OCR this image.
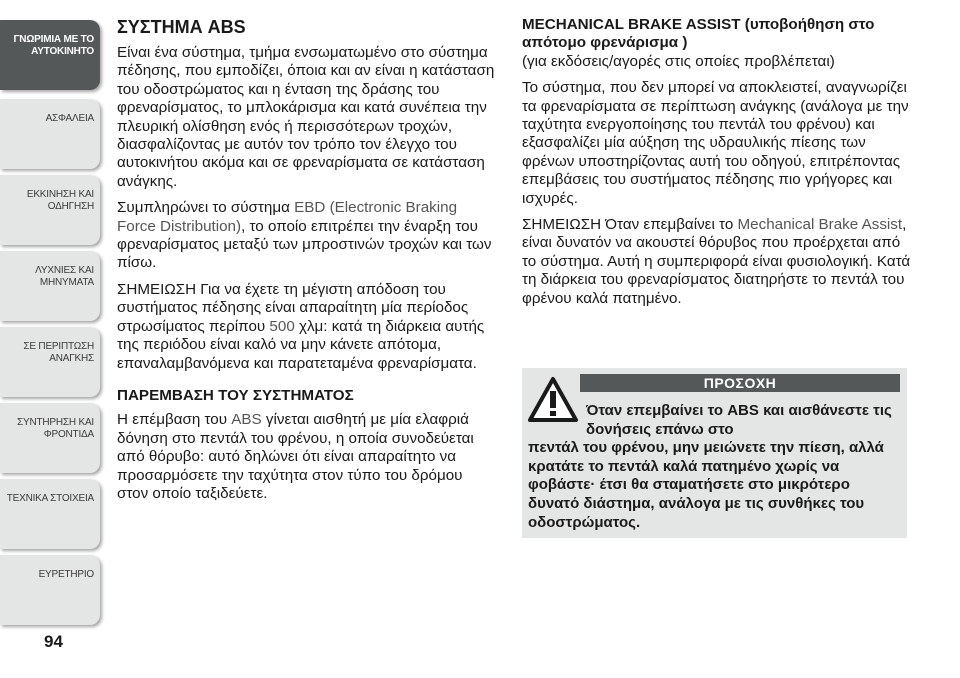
ΓΝΩΡΙΜΙΑ ΜΕ ΤΟ ΑΥΤΟΚΙΝΗΤΟ
ΑΣΦΑΛΕΙΑ
ΕΚΚΙΝΗΣΗ ΚΑΙ ΟΔΗΓΗΣΗ
ΛΥΧΝΙΕΣ ΚΑΙ ΜΗΝΥΜΑΤΑ
ΣΕ ΠΕΡΙΠΤΩΣΗ ΑΝΑΓΚΗΣ
ΣΥΝΤΗΡΗΣΗ ΚΑΙ ΦΡΟΝΤΙΔΑ
ΤΕΧΝΙΚΑ ΣΤΟΙΧΕΙΑ
ΕΥΡΕΤΗΡΙΟ
94
ΣΥΣΤΗΜΑ ABS

Είναι ένα σύστημα, τμήμα ενσωματωμένο στο σύστημα πέδησης, που εμποδίζει, όποια και αν είναι η κατάσταση του οδοστρώματος και η ένταση της δράσης του φρεναρίσματος, το μπλοκάρισμα και κατά συνέπεια την πλευρική ολίσθηση ενός ή περισσότερων τροχών, διασφαλίζοντας με αυτόν τον τρόπο τον έλεγχο του αυτοκινήτου ακόμα και σε φρεναρίσματα σε κατάσταση ανάγκης.

Συμπληρώνει το σύστημα EBD (Electronic Braking Force Distribution), το οποίο επιτρέπει την έναρξη του φρεναρίσματος μεταξύ των μπροστινών τροχών και των πίσω.

ΣΗΜΕΙΩΣΗ Για να έχετε τη μέγιστη απόδοση του συστήματος πέδησης είναι απαραίτητη μία περίοδος στρωσίματος περίπου 500 χλμ: κατά τη διάρκεια αυτής της περιόδου είναι καλό να μην κάνετε απότομα, επαναλαμβανόμενα και παρατεταμένα φρεναρίσματα.

ΠΑΡΕΜΒΑΣΗ ΤΟΥ ΣΥΣΤΗΜΑΤΟΣ

Η επέμβαση του ABS γίνεται αισθητή με μία ελαφριά δόνηση στο πεντάλ του φρένου, η οποία συνοδεύεται από θόρυβο: αυτό δηλώνει ότι είναι απαραίτητο να προσαρμόσετε την ταχύτητα στον τύπο του δρόμου στον οποίο ταξιδεύετε.

MECHANICAL BRAKE ASSIST (υποβοήθηση στο απότομο φρενάρισμα )
(για εκδόσεις/αγορές στις οποίες προβλέπεται)

Το σύστημα, που δεν μπορεί να αποκλειστεί, αναγνωρίζει τα φρεναρίσματα σε περίπτωση ανάγκης (ανάλογα με την ταχύτητα ενεργοποίησης του πεντάλ του φρένου) και εξασφαλίζει μία αύξηση της υδραυλικής πίεσης των φρένων υποστηρίζοντας αυτή του οδηγού, επιτρέποντας επεμβάσεις του συστήματος πέδησης πιο γρήγορες και ισχυρές.

ΣΗΜΕΙΩΣΗ Όταν επεμβαίνει το Mechanical Brake Assist, είναι δυνατόν να ακουστεί θόρυβος που προέρχεται από το σύστημα. Αυτή η συμπεριφορά είναι φυσιολογική. Κατά τη διάρκεια του φρεναρίσματος διατηρήστε το πεντάλ του φρένου καλά πατημένο.

ΠΡΟΣΟΧΗ
Όταν επεμβαίνει το ABS και αισθάνεστε τις δονήσεις επάνω στο
πεντάλ του φρένου, μην μειώνετε την πίεση, αλλά κρατάτε το πεντάλ καλά πατημένο χωρίς να φοβάστε· έτσι θα σταματήσετε στο μικρότερο δυνατό διάστημα, ανάλογα με τις συνθήκες του οδοστρώματος.
